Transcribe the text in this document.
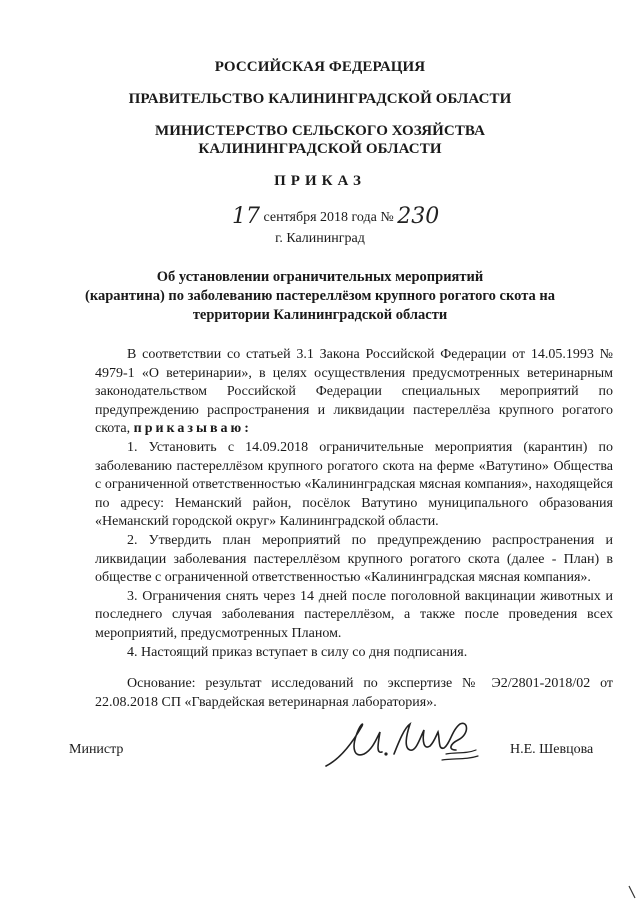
РОССИЙСКАЯ ФЕДЕРАЦИЯ
ПРАВИТЕЛЬСТВО КАЛИНИНГРАДСКОЙ ОБЛАСТИ
МИНИСТЕРСТВО СЕЛЬСКОГО ХОЗЯЙСТВА
КАЛИНИНГРАДСКОЙ ОБЛАСТИ
ПРИКАЗ
17 сентября 2018 года № 230
г. Калининград
Об установлении ограничительных мероприятий
(карантина) по заболеванию пастереллёзом крупного рогатого скота на
территории Калининградской области

В соответствии со статьей 3.1 Закона Российской Федерации от 14.05.1993 № 4979-1 «О ветеринарии», в целях осуществления предусмотренных ветеринарным законодательством Российской Федерации специальных мероприятий по предупреждению распространения и ликвидации пастереллёза крупного рогатого скота, приказываю:

1. Установить с 14.09.2018 ограничительные мероприятия (карантин) по заболеванию пастереллёзом крупного рогатого скота на ферме «Ватутино» Общества с ограниченной ответственностью «Калининградская мясная компания», находящейся по адресу: Неманский район, посёлок Ватутино муниципального образования «Неманский городской округ» Калининградской области.

2. Утвердить план мероприятий по предупреждению распространения и ликвидации заболевания пастереллёзом крупного рогатого скота (далее - План) в обществе с ограниченной ответственностью «Калининградская мясная компания».

3. Ограничения снять через 14 дней после поголовной вакцинации животных и последнего случая заболевания пастереллёзом, а также после проведения всех мероприятий, предусмотренных Планом.

4. Настоящий приказ вступает в силу со дня подписания.

Основание: результат исследований по экспертизе № Э2/2801-2018/02 от 22.08.2018 СП «Гвардейская ветеринарная лаборатория».

Министр	Н.Е. Шевцова
